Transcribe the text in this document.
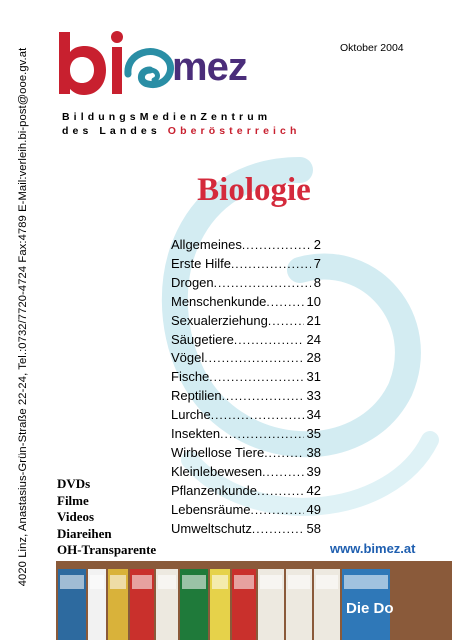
4020 Linz, Anastasius-Grün-Straße 22-24, Tel.:0732/7720-4724 Fax:4789 E-Mail:verleih.bi-post@ooe.gv.at	mez
BildungsMedienZentrum
des Landes Oberösterreich
Oktober 2004
Biologie
Allgemeines .....	2
Erste Hilfe .....	7
Drogen .....	8
Menschenkunde .....	10
Sexualerziehung .....	21
Säugetiere .....	24
Vögel .....	28
Fische .....	31
Reptilien .....	33
Lurche .....	34
Insekten .....	35
Wirbellose Tiere .....	38
Kleinlebewesen .....	39
Pflanzenkunde .....	42
Lebensräume .....	49
Umweltschutz .....	58
DVDs
Filme
Videos
Diareihen
OH-Transparente	www.bimez.at
Die Do
